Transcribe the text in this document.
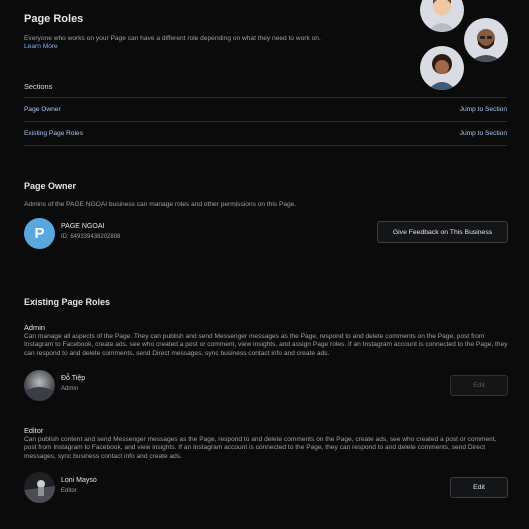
Page Roles
Everyone who works on your Page can have a different role depending on what they need to work on.
Learn More
Sections
Page Owner	Jump to Section
Existing Page Roles	Jump to Section
Page Owner
Admins of the PAGE NGOAI business can manage roles and other permissions on this Page.
P PAGE NGOAI
ID: 649339438202808
Give Feedback on This Business
Existing Page Roles
Admin
Can manage all aspects of the Page. They can publish and send Messenger messages as the Page, respond to and delete comments on the Page, post from Instagram to Facebook, create ads, see who created a post or comment, view insights, and assign Page roles. If an Instagram account is connected to the Page, they can respond to and delete comments, send Direct messages, sync business contact info and create ads.
Đỗ Tiệp
Admin	Edit
Editor
Can publish content and send Messenger messages as the Page, respond to and delete comments on the Page, create ads, see who created a post or comment, post from Instagram to Facebook, and view insights. If an Instagram account is connected to the Page, they can respond to and delete comments, send Direct messages, sync business contact info and create ads.
Loni Mayso
Editor	Edit
